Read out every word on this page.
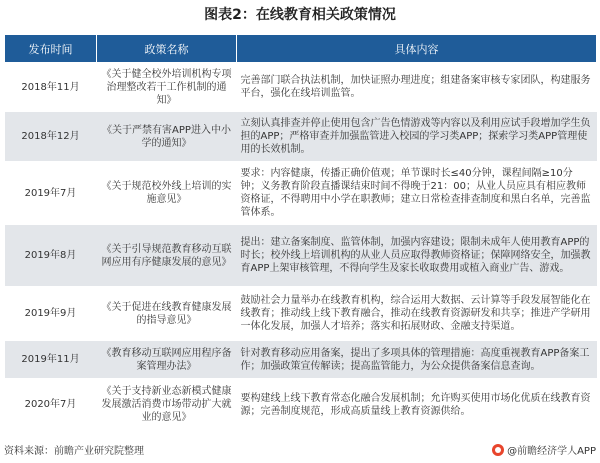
图表2：在线教育相关政策情况
发布时间	政策名称	具体内容
2018年11月	《关于健全校外培训机构专项治理整改若干工作机制的通知》	完善部门联合执法机制，加快证照办理进度；组建备案审核专家团队，构建服务平台，强化在线培训监管。
2018年12月	《关于严禁有害APP进入中小学的通知》	立刻认真排查并停止使用包含广告色情游戏等内容以及利用应试手段增加学生负担的APP；严格审查并加强监管进入校园的学习类APP；探索学习类APP管理使用的长效机制。
2019年7月	《关于规范校外线上培训的实施意见》	要求：内容健康，传播正确价值观；单节课时长≤40分钟，课程间隔≥10分钟；义务教育阶段直播课结束时间不得晚于21：00；从业人员应具有相应教师资格证，不得聘用中小学在职教师；建立日常检查排查制度和黑白名单，完善监管体系。
2019年8月	《关于引导规范教育移动互联网应用有序健康发展的意见》	提出：建立备案制度、监管体制，加强内容建设；限制未成年人使用教育APP的时长；校外线上培训机构的从业人员应取得教师资格证；保障网络安全，加强教育APP上架审核管理，不得向学生及家长收取费用或植入商业广告、游戏。
2019年9月	《关于促进在线教育健康发展的指导意见》	鼓励社会力量举办在线教育机构，综合运用大数据、云计算等手段发展智能化在线教育；推动线上线下教育融合，推动在线教育资源研发和共享；推进产学研用一体化发展，加强人才培养；落实和拓展财政、金融支持渠道。
2019年11月	《教育移动互联网应用程序备案管理办法》	针对教育移动应用备案，提出了多项具体的管理措施：高度重视教育APP备案工作；加强政策宣传解读；提高监管能力，为公众提供备案信息查询。
2020年7月	《关于支持新业态新模式健康发展激活消费市场带动扩大就业的意见》	要构建线上线下教育常态化融合发展机制；允许购买使用市场化优质在线教育资源；完善制度规范，形成高质量线上教育资源供给。
资料来源：前瞻产业研究院整理	@前瞻经济学人APP
